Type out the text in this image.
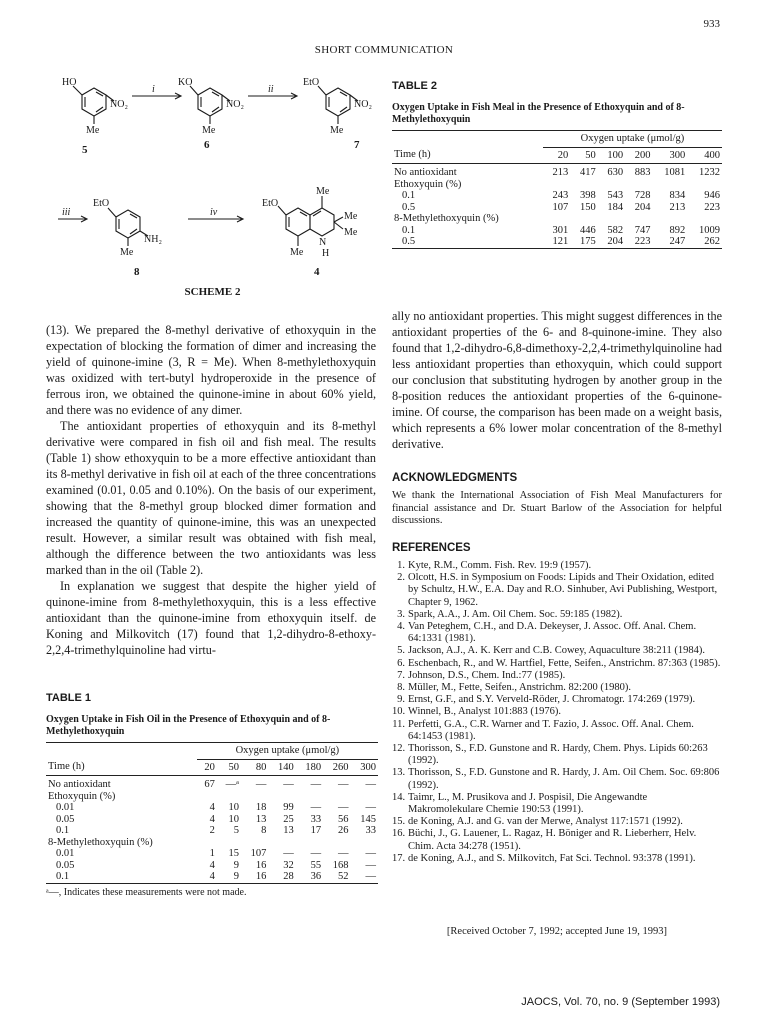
933
SHORT COMMUNICATION
HO
NO₂
Me
KO
NO₂
Me
EtO
NO₂
Me
EtO
NH₂
Me
EtO
Me
Me
Me
N
H
Me
i	ii
iii	iv
5	6	7
8	4
SCHEME 2
TABLE 2
Oxygen Uptake in Fish Meal in the Presence of Ethoxyquin and of 8-Methylethoxyquin
	Oxygen uptake (μmol/g)					
Time (h)	20	50	100	200	300	400
No antioxidant	213	417	630	883	1081	1232
Ethoxyquin (%)						
0.1	243	398	543	728	834	946
0.5	107	150	184	204	213	223
8-Methylethoxyquin (%)						
0.1	301	446	582	747	892	1009
0.5	121	175	204	223	247	262

(13). We prepared the 8-methyl derivative of ethoxyquin in the expectation of blocking the formation of dimer and increasing the yield of quinone-imine (3, R = Me). When 8-methylethoxyquin was oxidized with tert-butyl hydroperoxide in the presence of ferrous iron, we obtained the quinone-imine in about 60% yield, and there was no evidence of any dimer.

The antioxidant properties of ethoxyquin and its 8-methyl derivative were compared in fish oil and fish meal. The results (Table 1) show ethoxyquin to be a more effective antioxidant than its 8-methyl derivative in fish oil at each of the three concentrations examined (0.01, 0.05 and 0.10%). On the basis of our experiment, showing that the 8-methyl group blocked dimer formation and increased the quantity of quinone-imine, this was an unexpected result. However, a similar result was obtained with fish meal, although the difference between the two antioxidants was less marked than in the oil (Table 2).

In explanation we suggest that despite the higher yield of quinone-imine from 8-methylethoxyquin, this is a less effective antioxidant than the quinone-imine from ethoxyquin itself. de Koning and Milkovitch (17) found that 1,2-dihydro-8-ethoxy-2,2,4-trimethylquinoline had virtu-

TABLE 1
Oxygen Uptake in Fish Oil in the Presence of Ethoxyquin and of 8-Methylethoxyquin
	Oxygen uptake (μmol/g)						
Time (h)	20	50	80	140	180	260	300
No antioxidant	67	—ᵃ	—	—	—	—	—
Ethoxyquin (%)							
0.01	4	10	18	99	—	—	—
0.05	4	10	13	25	33	56	145
0.1	2	5	8	13	17	26	33
8-Methylethoxyquin (%)							
0.01	1	15	107	—	—	—	—
0.05	4	9	16	32	55	168	—
0.1	4	9	16	28	36	52	—
ᵃ—, Indicates these measurements were not made.

ally no antioxidant properties. This might suggest differences in the antioxidant properties of the 6- and 8-quinone-imine. They also found that 1,2-dihydro-6,8-dimethoxy-2,2,4-trimethylquinoline had less antioxidant properties than ethoxyquin, which could support our conclusion that substituting hydrogen by another group in the 8-position reduces the antioxidant properties of the 6-quinone-imine. Of course, the comparison has been made on a weight basis, which represents a 6% lower molar concentration of the 8-methyl derivative.

ACKNOWLEDGMENTS

We thank the International Association of Fish Meal Manufacturers for financial assistance and Dr. Stuart Barlow of the Association for helpful discussions.

REFERENCES
1. Kyte, R.M., Comm. Fish. Rev. 19:9 (1957).
2. Olcott, H.S. in Symposium on Foods: Lipids and Their Oxidation, edited by Schultz, H.W., E.A. Day and R.O. Sinhuber, Avi Publishing, Westport, Chapter 9, 1962.
3. Spark, A.A., J. Am. Oil Chem. Soc. 59:185 (1982).
4. Van Peteghem, C.H., and D.A. Dekeyser, J. Assoc. Off. Anal. Chem. 64:1331 (1981).
5. Jackson, A.J., A. K. Kerr and C.B. Cowey, Aquaculture 38:211 (1984).
6. Eschenbach, R., and W. Hartfiel, Fette, Seifen., Anstrichm. 87:363 (1985).
7. Johnson, D.S., Chem. Ind.:77 (1985).
8. Müller, M., Fette, Seifen., Anstrichm. 82:200 (1980).
9. Ernst, G.F., and S.Y. Verveld-Röder, J. Chromatogr. 174:269 (1979).
10. Winnel, B., Analyst 101:883 (1976).
11. Perfetti, G.A., C.R. Warner and T. Fazio, J. Assoc. Off. Anal. Chem. 64:1453 (1981).
12. Thorisson, S., F.D. Gunstone and R. Hardy, Chem. Phys. Lipids 60:263 (1992).
13. Thorisson, S., F.D. Gunstone and R. Hardy, J. Am. Oil Chem. Soc. 69:806 (1992).
14. Taimr, L., M. Prusikova and J. Pospisil, Die Angewandte Makromolekulare Chemie 190:53 (1991).
15. de Koning, A.J. and G. van der Merwe, Analyst 117:1571 (1992).
16. Büchi, J., G. Lauener, L. Ragaz, H. Böniger and R. Lieberherr, Helv. Chim. Acta 34:278 (1951).
17. de Koning, A.J., and S. Milkovitch, Fat Sci. Technol. 93:378 (1991).
[Received October 7, 1992; accepted June 19, 1993]
JAOCS, Vol. 70, no. 9 (September 1993)
